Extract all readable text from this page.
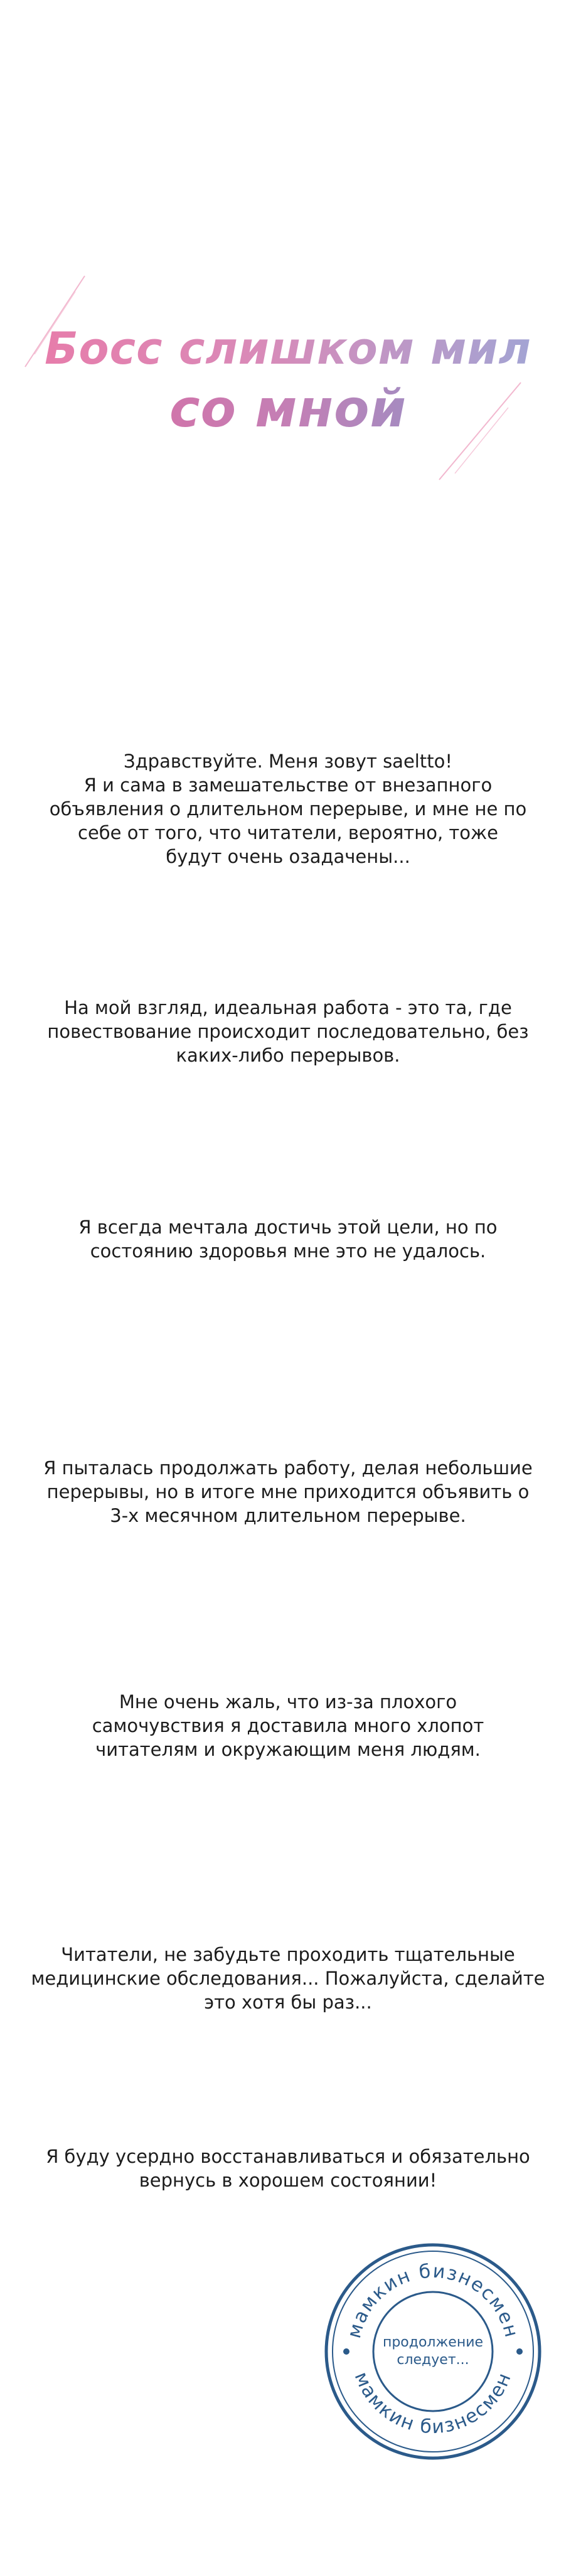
Босс слишком мил
со мной
Здравствуйте. Меня зовут saeltto!
Я и сама в замешательстве от внезапного
объявления о длительном перерыве, и мне не по
себе от того, что читатели, вероятно, тоже
будут очень озадачены...
На мой взгляд, идеальная работа - это та, где
повествование происходит последовательно, без
каких-либо перерывов.
Я всегда мечтала достичь этой цели, но по
состоянию здоровья мне это не удалось.
Я пыталась продолжать работу, делая небольшие
перерывы, но в итоге мне приходится объявить о
3-х месячном длительном перерыве.
Мне очень жаль, что из-за плохого
самочувствия я доставила много хлопот
читателям и окружающим меня людям.
Читатели, не забудьте проходить тщательные
медицинские обследования... Пожалуйста, сделайте
это хотя бы раз...
Я буду усердно восстанавливаться и обязательно
вернусь в хорошем состоянии!
мамкин бизнесмен
мамкин бизнесмен
продолжение
следует...
